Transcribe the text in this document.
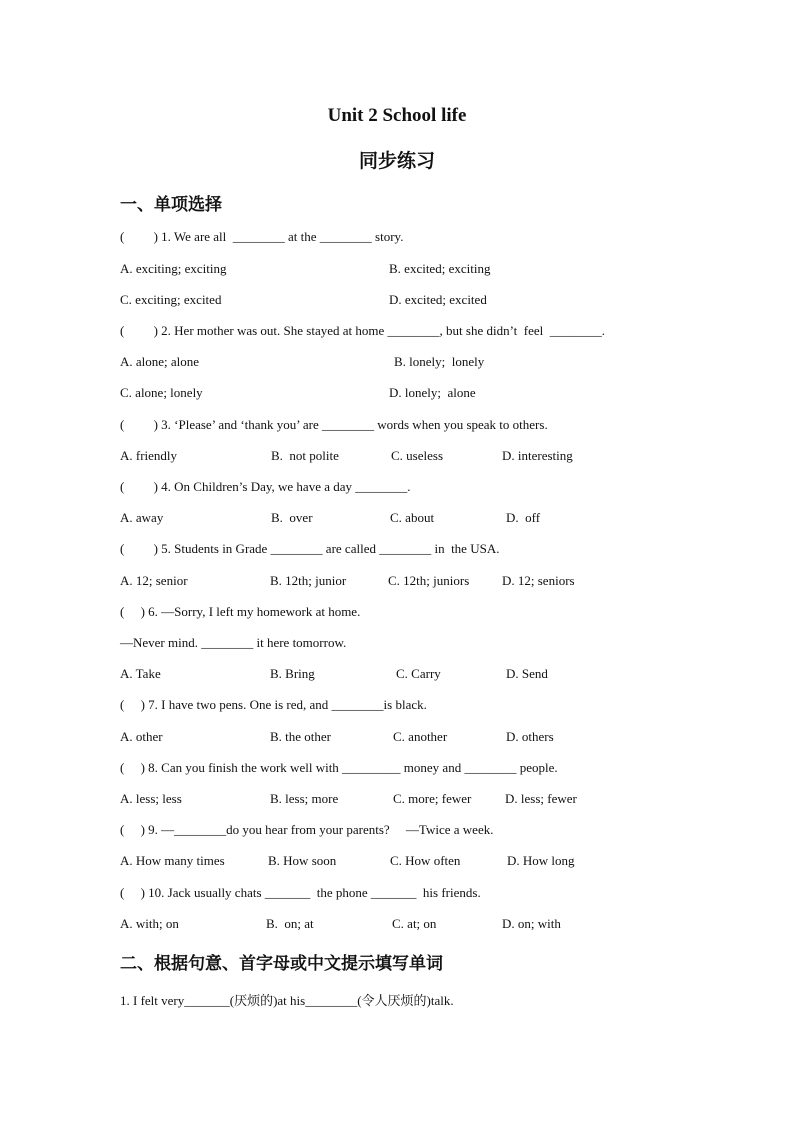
Unit 2 School life
同步练习
一、单项选择
(         ) 1. We are all  ________ at the ________ story.
A. exciting; exciting	B. excited; exciting
C. exciting; excited	D. excited; excited
(         ) 2. Her mother was out. She stayed at home ________, but she didn’t  feel  ________.
A. alone; alone	B. lonely;  lonely
C. alone; lonely	D. lonely;  alone
(         ) 3. ‘Please’ and ‘thank you’ are ________ words when you speak to others.
A. friendly	B.  not polite	C. useless	D. interesting
(         ) 4. On Children’s Day, we have a day ________.
A. away	B.  over	C. about	D.  off
(         ) 5. Students in Grade ________ are called ________ in  the USA.
A. 12; senior	B. 12th; junior	C. 12th; juniors	D. 12; seniors
(     ) 6. —Sorry, I left my homework at home.
—Never mind. ________ it here tomorrow.
A. Take	B. Bring	C. Carry	D. Send
(     ) 7. I have two pens. One is red, and ________is black.
A. other	B. the other	C. another	D. others
(     ) 8. Can you finish the work well with _________ money and ________ people.
A. less; less	B. less; more	C. more; fewer	D. less; fewer
(     ) 9. —________do you hear from your parents?     —Twice a week.
A. How many times	B. How soon	C. How often	D. How long
(     ) 10. Jack usually chats _______  the phone _______  his friends.
A. with; on	B.  on; at	C. at; on	D. on; with
二、根据句意、首字母或中文提示填写单词
1. I felt very_______(厌烦的)at his________(令人厌烦的)talk.
